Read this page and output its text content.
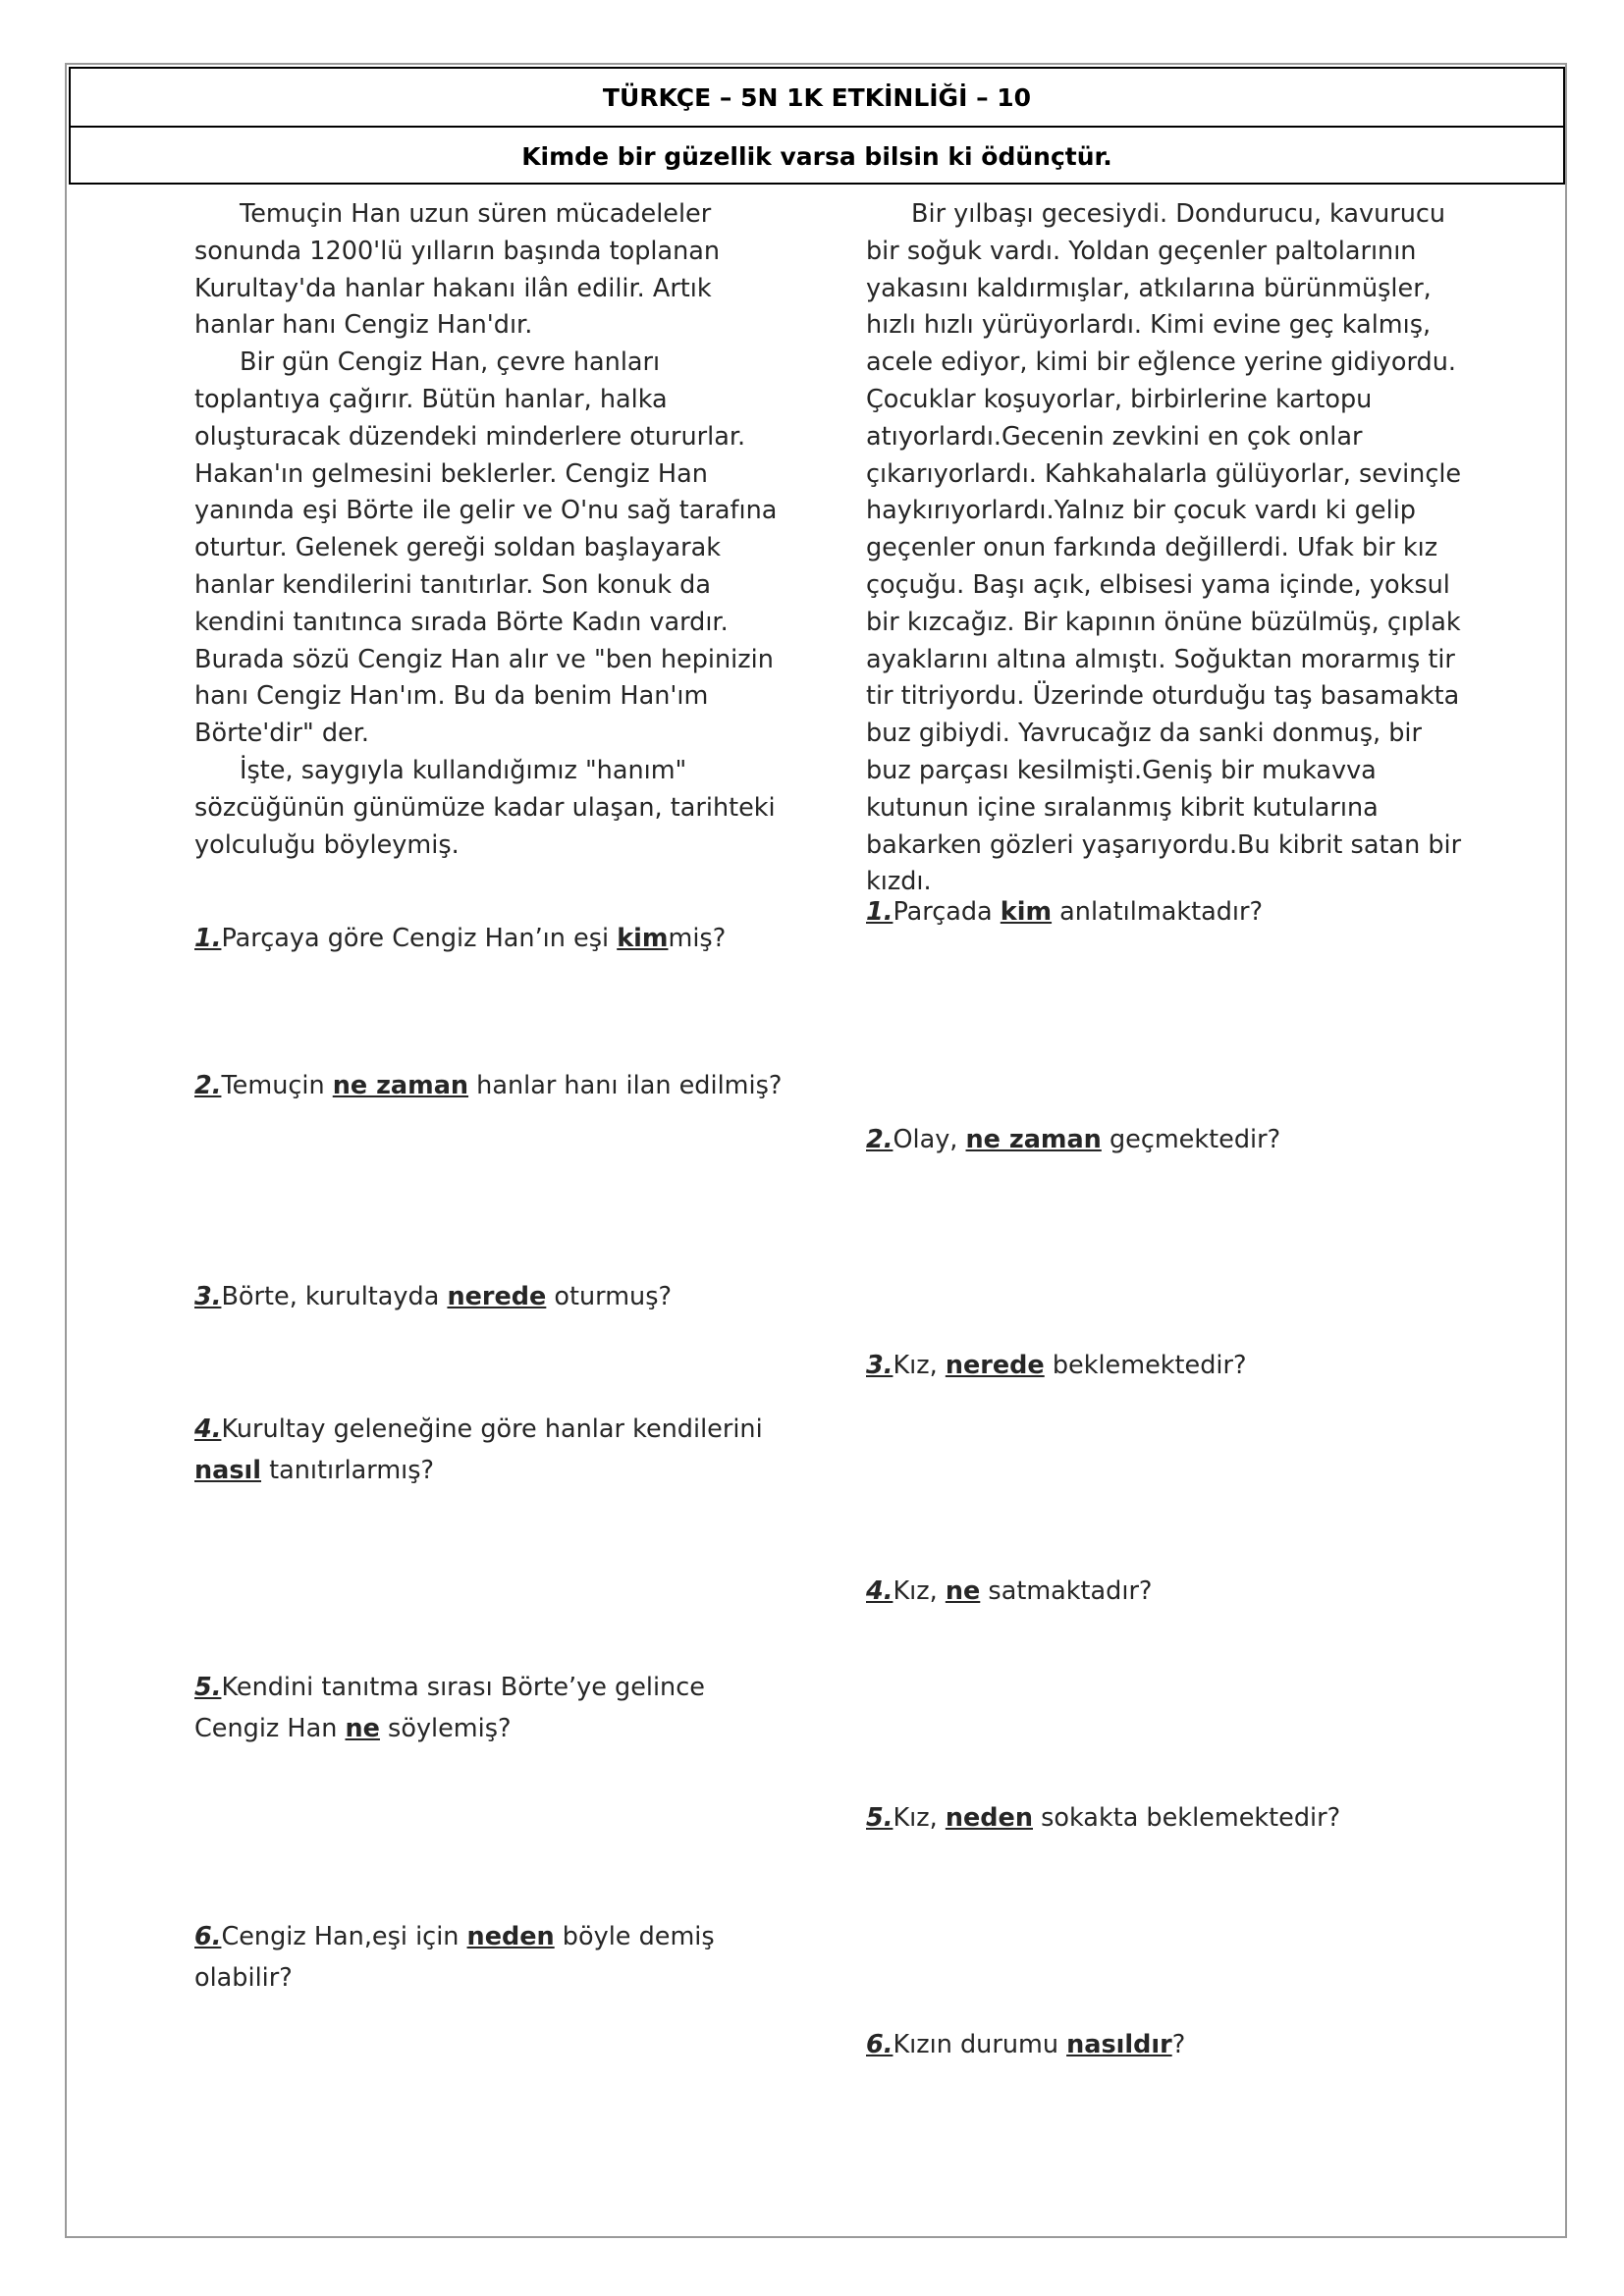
TÜRKÇE – 5N 1K ETKİNLİĞİ – 10
Kimde bir güzellik varsa bilsin ki ödünçtür.

Temuçin Han uzun süren mücadeleler sonunda 1200'lü yılların başında toplanan Kurultay'da hanlar hakanı ilân edilir. Artık hanlar hanı Cengiz Han'dır.

Bir gün Cengiz Han, çevre hanları toplantıya çağırır. Bütün hanlar, halka oluşturacak düzendeki minderlere otururlar. Hakan'ın gelmesini beklerler. Cengiz Han yanında eşi Börte ile gelir ve O'nu sağ tarafına oturtur. Gelenek gereği soldan başlayarak hanlar kendilerini tanıtırlar. Son konuk da kendini tanıtınca sırada Börte Kadın vardır. Burada sözü Cengiz Han alır ve "ben hepinizin hanı Cengiz Han'ım. Bu da benim Han'ım Börte'dir" der.

İşte, saygıyla kullandığımız "hanım" sözcüğünün günümüze kadar ulaşan, tarihteki yolculuğu böyleymiş.

1.Parçaya göre Cengiz Han’ın eşi kimmiş?

2.Temuçin ne zaman hanlar hanı ilan edilmiş?

3.Börte, kurultayda nerede oturmuş?

4.Kurultay geleneğine göre hanlar kendilerini nasıl tanıtırlarmış?

5.Kendini tanıtma sırası Börte’ye gelince Cengiz Han ne söylemiş?

6.Cengiz Han,eşi için neden böyle demiş olabilir?

Bir yılbaşı gecesiydi. Dondurucu, kavurucu bir soğuk vardı. Yoldan geçenler paltolarının yakasını kaldırmışlar, atkılarına bürünmüşler, hızlı hızlı yürüyorlardı. Kimi evine geç kalmış, acele ediyor, kimi bir eğlence yerine gidiyordu. Çocuklar koşuyorlar, birbirlerine kartopu atıyorlardı.Gecenin zevkini en çok onlar çıkarıyorlardı. Kahkahalarla gülüyorlar, sevinçle haykırıyorlardı.Yalnız bir çocuk vardı ki gelip geçenler onun farkında değillerdi. Ufak bir kız çoçuğu. Başı açık, elbisesi yama içinde, yoksul bir kızcağız. Bir kapının önüne büzülmüş, çıplak ayaklarını altına almıştı. Soğuktan morarmış tir tir titriyordu. Üzerinde oturduğu taş basamakta buz gibiydi. Yavrucağız da sanki donmuş, bir buz parçası kesilmişti.Geniş bir mukavva kutunun içine sıralanmış kibrit kutularına bakarken gözleri yaşarıyordu.Bu kibrit satan bir kızdı.

1.Parçada kim anlatılmaktadır?

2.Olay, ne zaman geçmektedir?

3.Kız, nerede beklemektedir?

4.Kız, ne satmaktadır?

5.Kız, neden sokakta beklemektedir?

6.Kızın durumu nasıldır?
